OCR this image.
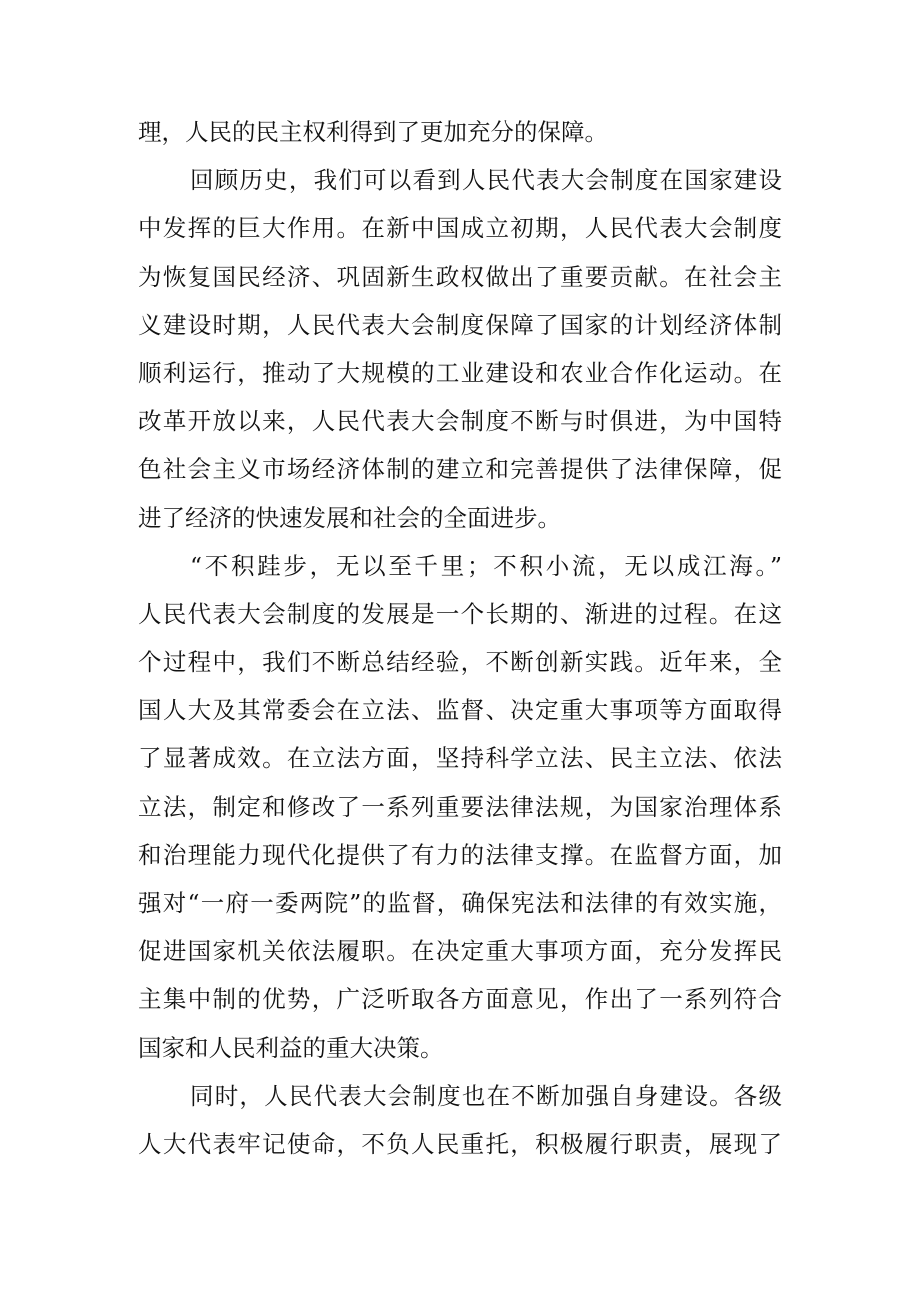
理，人民的民主权利得到了更加充分的保障。
回顾历史，我们可以看到人民代表大会制度在国家建设
中发挥的巨大作用。在新中国成立初期，人民代表大会制度
为恢复国民经济、巩固新生政权做出了重要贡献。在社会主
义建设时期，人民代表大会制度保障了国家的计划经济体制
顺利运行，推动了大规模的工业建设和农业合作化运动。在
改革开放以来，人民代表大会制度不断与时俱进，为中国特
色社会主义市场经济体制的建立和完善提供了法律保障，促
进了经济的快速发展和社会的全面进步。
“不积跬步，无以至千里；不积小流，无以成江海。”
人民代表大会制度的发展是一个长期的、渐进的过程。在这
个过程中，我们不断总结经验，不断创新实践。近年来，全
国人大及其常委会在立法、监督、决定重大事项等方面取得
了显著成效。在立法方面，坚持科学立法、民主立法、依法
立法，制定和修改了一系列重要法律法规，为国家治理体系
和治理能力现代化提供了有力的法律支撑。在监督方面，加
强对“一府一委两院”的监督，确保宪法和法律的有效实施，
促进国家机关依法履职。在决定重大事项方面，充分发挥民
主集中制的优势，广泛听取各方面意见，作出了一系列符合
国家和人民利益的重大决策。
同时，人民代表大会制度也在不断加强自身建设。各级
人大代表牢记使命，不负人民重托，积极履行职责，展现了
